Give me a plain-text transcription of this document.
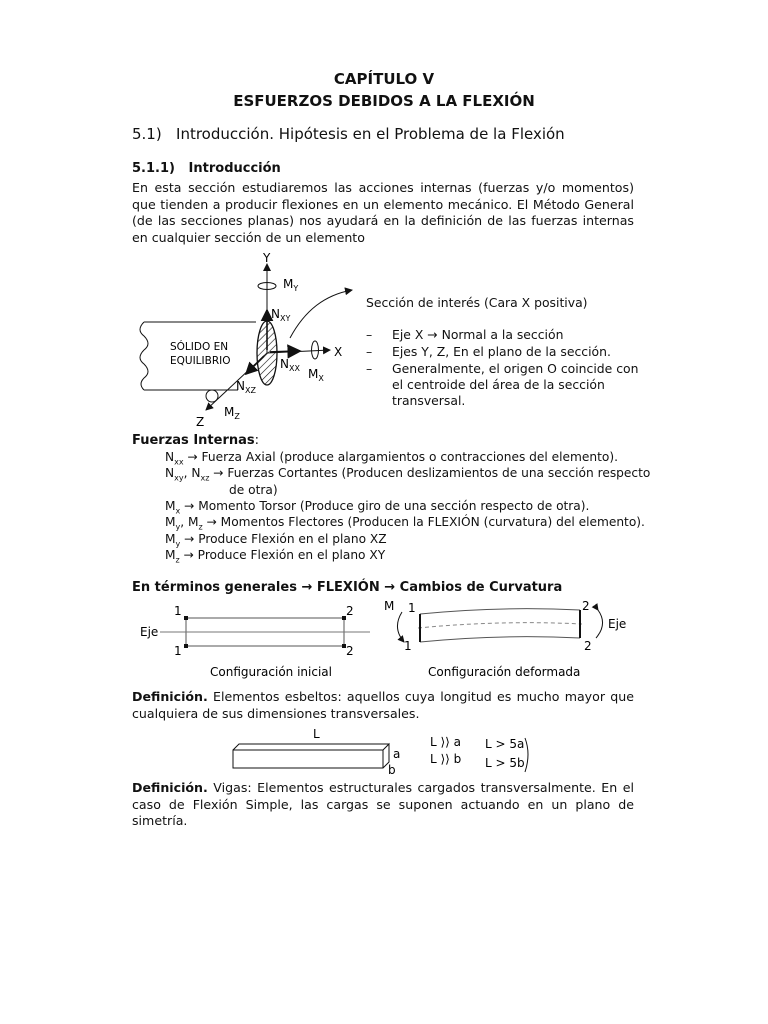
CAPÍTULO V
ESFUERZOS DEBIDOS A LA FLEXIÓN
5.1) Introducción. Hipótesis en el Problema de la Flexión
5.1.1) Introducción
En esta sección estudiaremos las acciones internas (fuerzas y/o momentos) que tienden a producir flexiones en un elemento mecánico. El Método General (de las secciones planas) nos ayudará en la definición de las fuerzas internas en cualquier sección de un elemento
SÓLIDO EN
EQUILIBRIO
Y
X
Z
$M_Y$
$N_{XY}$
$N_{XX}$ $M_X$
$N_{XZ}$
$M_Z$
Sección de interés (Cara X positiva)
– Eje X → Normal a la sección
– Ejes Y, Z, En el plano de la sección.
– Generalmente, el origen O coincide con el centroide del área de la sección transversal.
Fuerzas Internas:
$N_{xx}$ → Fuerza Axial (produce alargamientos o contracciones del elemento).
$N_{xy}$, $N_{xz}$ → Fuerzas Cortantes (Producen deslizamientos de una sección respecto
de otra)
$M_x$ → Momento Torsor (Produce giro de una sección respecto de otra).
$M_y$, $M_z$ → Momentos Flectores (Producen la FLEXIÓN (curvatura) del elemento).
$M_y$ → Produce Flexión en el plano XZ
$M_z$ → Produce Flexión en el plano XY
En términos generales → FLEXIÓN → Cambios de Curvatura
Eje
1
1
2
2
Configuración inicial
M 1
1
2
2
Eje
Configuración deformada
Definición. Elementos esbeltos: aquellos cuya longitud es mucho mayor que cualquiera de sus dimensiones transversales.
L
a
b
L ⟩⟩ a
L ⟩⟩ b
L > 5a
L > 5b
Definición. Vigas: Elementos estructurales cargados transversalmente. En el caso de Flexión Simple, las cargas se suponen actuando en un plano de simetría.
